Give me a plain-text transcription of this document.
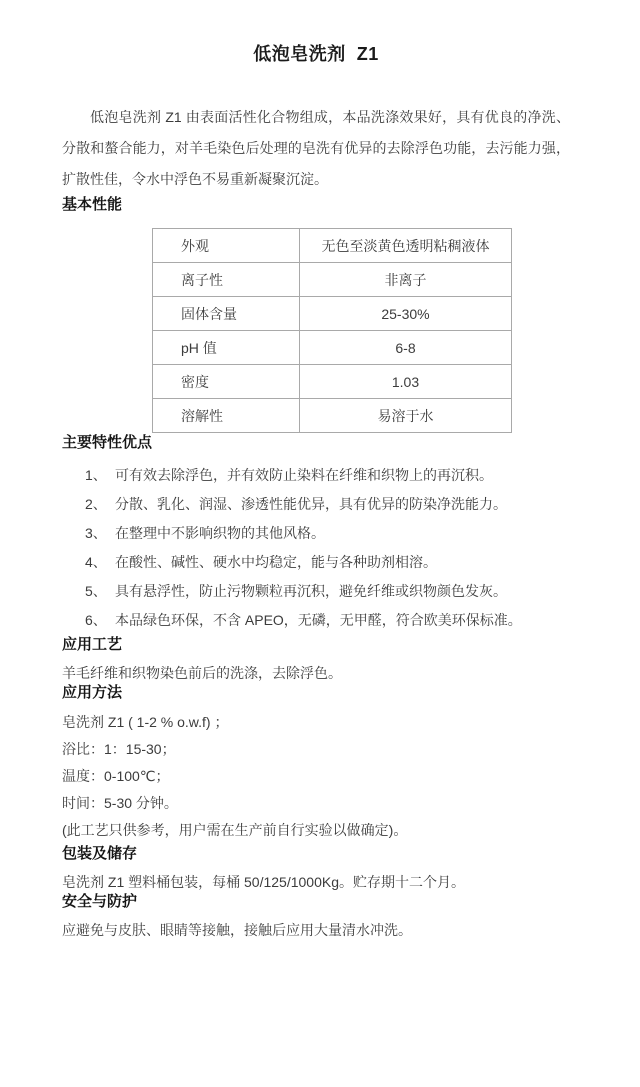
低泡皂洗剂  Z1

低泡皂洗剂 Z1 由表面活性化合物组成，本品洗涤效果好，具有优良的净洗、分散和螯合能力，对羊毛染色后处理的皂洗有优异的去除浮色功能，去污能力强，扩散性佳，令水中浮色不易重新凝聚沉淀。

基本性能
外观	无色至淡黄色透明粘稠液体
离子性	非离子
固体含量	25-30%
pH 值	6-8
密度	1.03
溶解性	易溶于水
主要特性优点
1、 可有效去除浮色，并有效防止染料在纤维和织物上的再沉积。
2、 分散、乳化、润湿、渗透性能优异，具有优异的防染净洗能力。
3、 在整理中不影响织物的其他风格。
4、 在酸性、碱性、硬水中均稳定，能与各种助剂相溶。
5、 具有悬浮性，防止污物颗粒再沉积，避免纤维或织物颜色发灰。
6、 本品绿色环保，不含 APEO，无磷，无甲醛，符合欧美环保标准。
应用工艺

羊毛纤维和织物染色前后的洗涤，去除浮色。

应用方法

皂洗剂 Z1 ( 1-2 % o.w.f) ；

浴比：1：15-30；

温度：0-100℃；

时间：5-30 分钟。

(此工艺只供参考，用户需在生产前自行实验以做确定)。

包装及储存

皂洗剂 Z1 塑料桶包装，每桶 50/125/1000Kg。贮存期十二个月。

安全与防护

应避免与皮肤、眼睛等接触，接触后应用大量清水冲洗。
